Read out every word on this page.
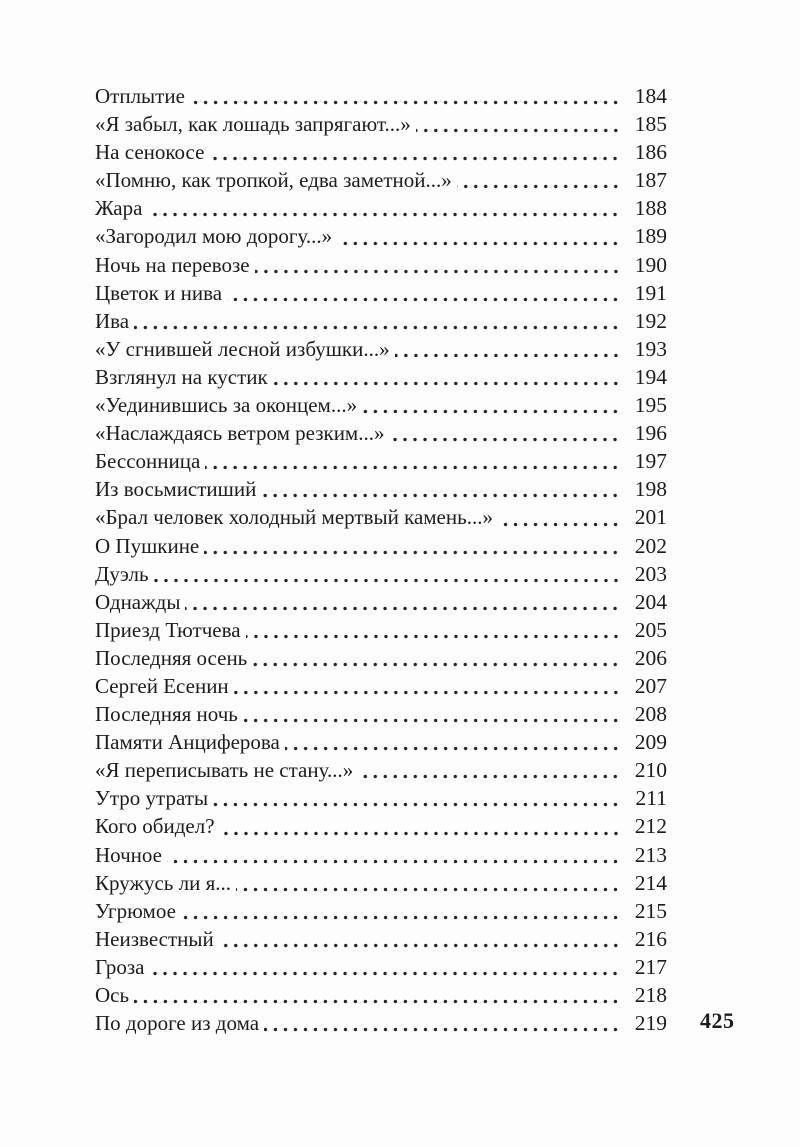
Отплытие	184
«Я забыл, как лошадь запрягают...»	185
На сенокосе	186
«Помню, как тропкой, едва заметной...»	187
Жара	188
«Загородил мою дорогу...»	189
Ночь на перевозе	190
Цветок и нива	191
Ива	192
«У сгнившей лесной избушки...»	193
Взглянул на кустик	194
«Уединившись за оконцем...»	195
«Наслаждаясь ветром резким...»	196
Бессонница	197
Из восьмистиший	198
«Брал человек холодный мертвый камень...»	201
О Пушкине	202
Дуэль	203
Однажды	204
Приезд Тютчева	205
Последняя осень	206
Сергей Есенин	207
Последняя ночь	208
Памяти Анциферова	209
«Я переписывать не стану...»	210
Утро утраты	211
Кого обидел?	212
Ночное	213
Кружусь ли я...	214
Угрюмое	215
Неизвестный	216
Гроза	217
Ось	218
По дороге из дома	219 425
